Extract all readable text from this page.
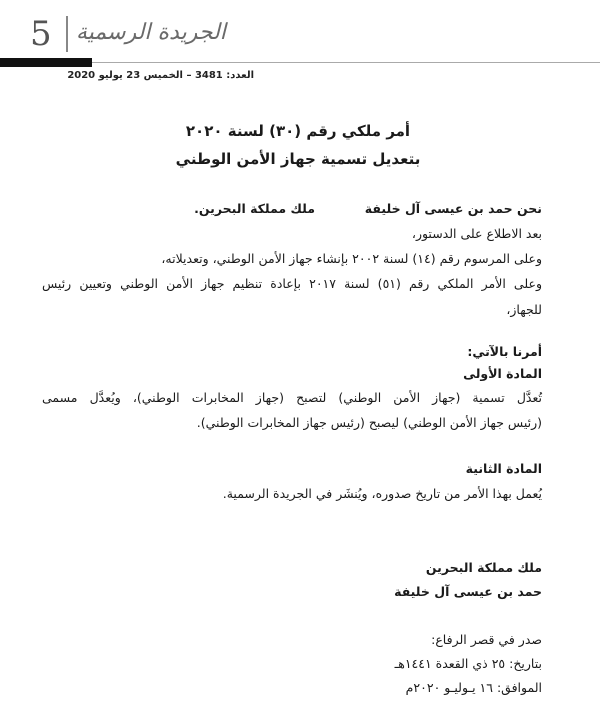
5 الجريدة الرسمية
العدد: 3481 – الخميس 23 يوليو 2020
أمر ملكي رقم (٣٠) لسنة ٢٠٢٠
بتعديل تسمية جهاز الأمن الوطني
نحن حمد بن عيسى آل خليفة
ملك مملكة البحرين.
بعد الاطلاع على الدستور،
وعلى المرسوم رقم (١٤) لسنة ٢٠٠٢ بإنشاء جهاز الأمن الوطني، وتعديلاته،
وعلى الأمر الملكي رقم (٥١) لسنة ٢٠١٧ بإعادة تنظيم جهاز الأمن الوطني وتعيين رئيس
للجهاز،
أمرنا بالآتي:
المادة الأولى
تُعدَّل تسمية (جهاز الأمن الوطني) لتصبح (جهاز المخابرات الوطني)، ويُعدَّل مسمى
(رئيس جهاز الأمن الوطني) ليصبح (رئيس جهاز المخابرات الوطني).
المادة الثانية
يُعمل بهذا الأمر من تاريخ صدوره، ويُنشَر في الجريدة الرسمية.
ملك مملكة البحرين
حمد بن عيسى آل خليفة
صدر في قصر الرفاع:
بتاريخ: ٢٥ ذي القعدة ١٤٤١هـ
الموافق: ١٦ يـوليـو ٢٠٢٠م
